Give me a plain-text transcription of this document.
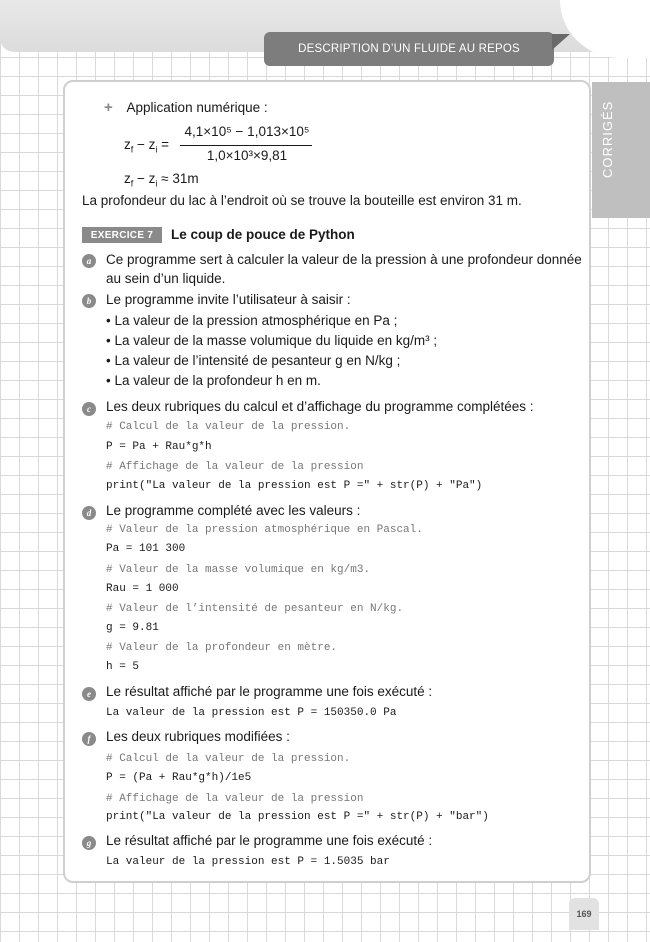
DESCRIPTION D’UN FLUIDE AU REPOS
CORRIGÉS
+ Application numérique :
$z_f - z_i$ =
4,1×10⁵ − 1,013×10⁵
1,0×10³×9,81
$z_f - z_i \approx 31m$
La profondeur du lac à l’endroit où se trouve la bouteille est environ 31 m.
EXERCICE 7	Le coup de pouce de Python
a	Ce programme sert à calculer la valeur de la pression à une profondeur donnée
au sein d’un liquide.
b	Le programme invite l’utilisateur à saisir :
• La valeur de la pression atmosphérique en Pa ;
• La valeur de la masse volumique du liquide en kg/m³ ;
• La valeur de l’intensité de pesanteur g en N/kg ;
• La valeur de la profondeur h en m.
c	Les deux rubriques du calcul et d’affichage du programme complétées :
# Calcul de la valeur de la pression.
P = Pa + Rau*g*h
# Affichage de la valeur de la pression
print("La valeur de la pression est P =" + str(P) + "Pa")
d	Le programme complété avec les valeurs :
# Valeur de la pression atmosphérique en Pascal.
Pa = 101 300
# Valeur de la masse volumique en kg/m3.
Rau = 1 000
# Valeur de l’intensité de pesanteur en N/kg.
g = 9.81
# Valeur de la profondeur en mètre.
h = 5
e	Le résultat affiché par le programme une fois exécuté :
La valeur de la pression est P = 150350.0 Pa
f	Les deux rubriques modifiées :
# Calcul de la valeur de la pression.
P = (Pa + Rau*g*h)/1e5
# Affichage de la valeur de la pression
print("La valeur de la pression est P =" + str(P) + "bar")
g	Le résultat affiché par le programme une fois exécuté :
La valeur de la pression est P = 1.5035 bar
169
